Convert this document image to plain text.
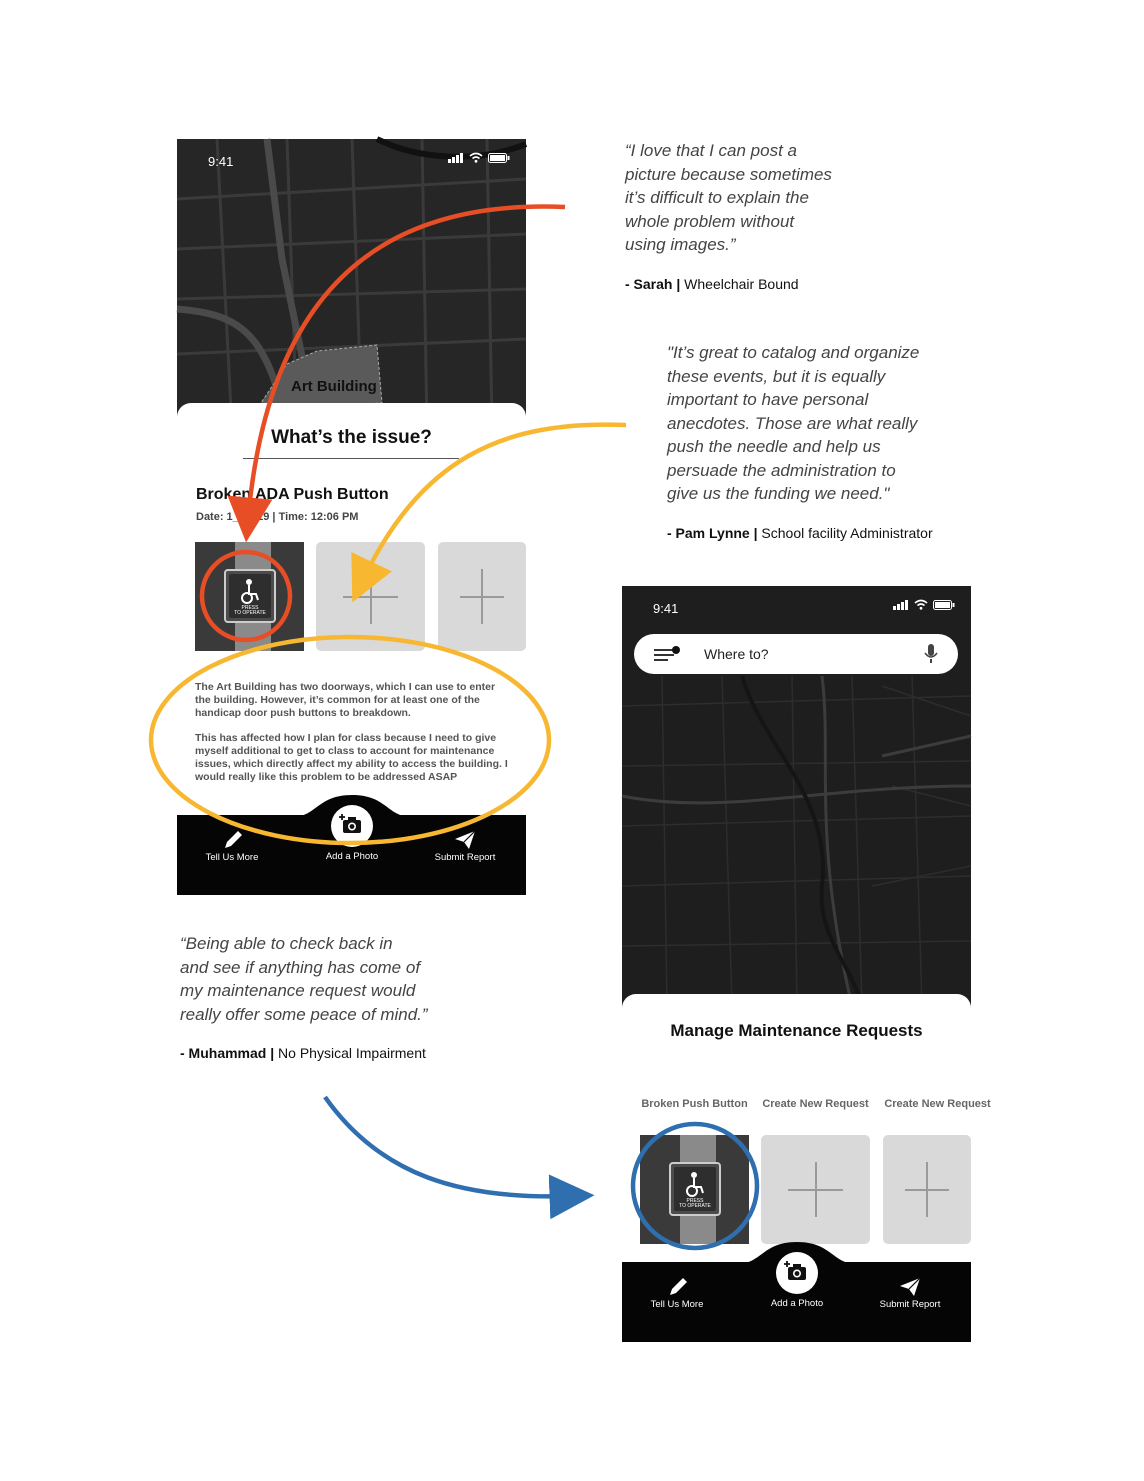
Art Building
9:41
What’s the issue?
Broken ADA Push Button
Date: 1_.__.19 | Time: 12:06 PM
PRESS
TO OPERATE

The Art Building has two doorways, which I can use to enter the building. However, it’s common for at least one of the handicap door push buttons to breakdown.

This has affected how I plan for class because I need to give myself additional to get to class to account for maintenance issues, which directly affect my ability to access the building. I would really like this problem to be addressed ASAP

Tell Us More	Add a Photo	Submit Report
9:41
Where to?
Manage Maintenance Requests
Broken Push Button Create New Request Create New Request
PRESS
TO OPERATE
Tell Us More	Add a Photo	Submit Report
“I love that I can post a
picture because sometimes
it’s difficult to explain the
whole problem without
using images.”
- Sarah | Wheelchair Bound
"It’s great to catalog and organize
these events, but it is equally
important to have personal
anecdotes. Those are what really
push the needle and help us
persuade the administration to
give us the funding we need."
- Pam Lynne | School facility Administrator
“Being able to check back in
and see if anything has come of
my maintenance request would
really offer some peace of mind.”
- Muhammad | No Physical Impairment
